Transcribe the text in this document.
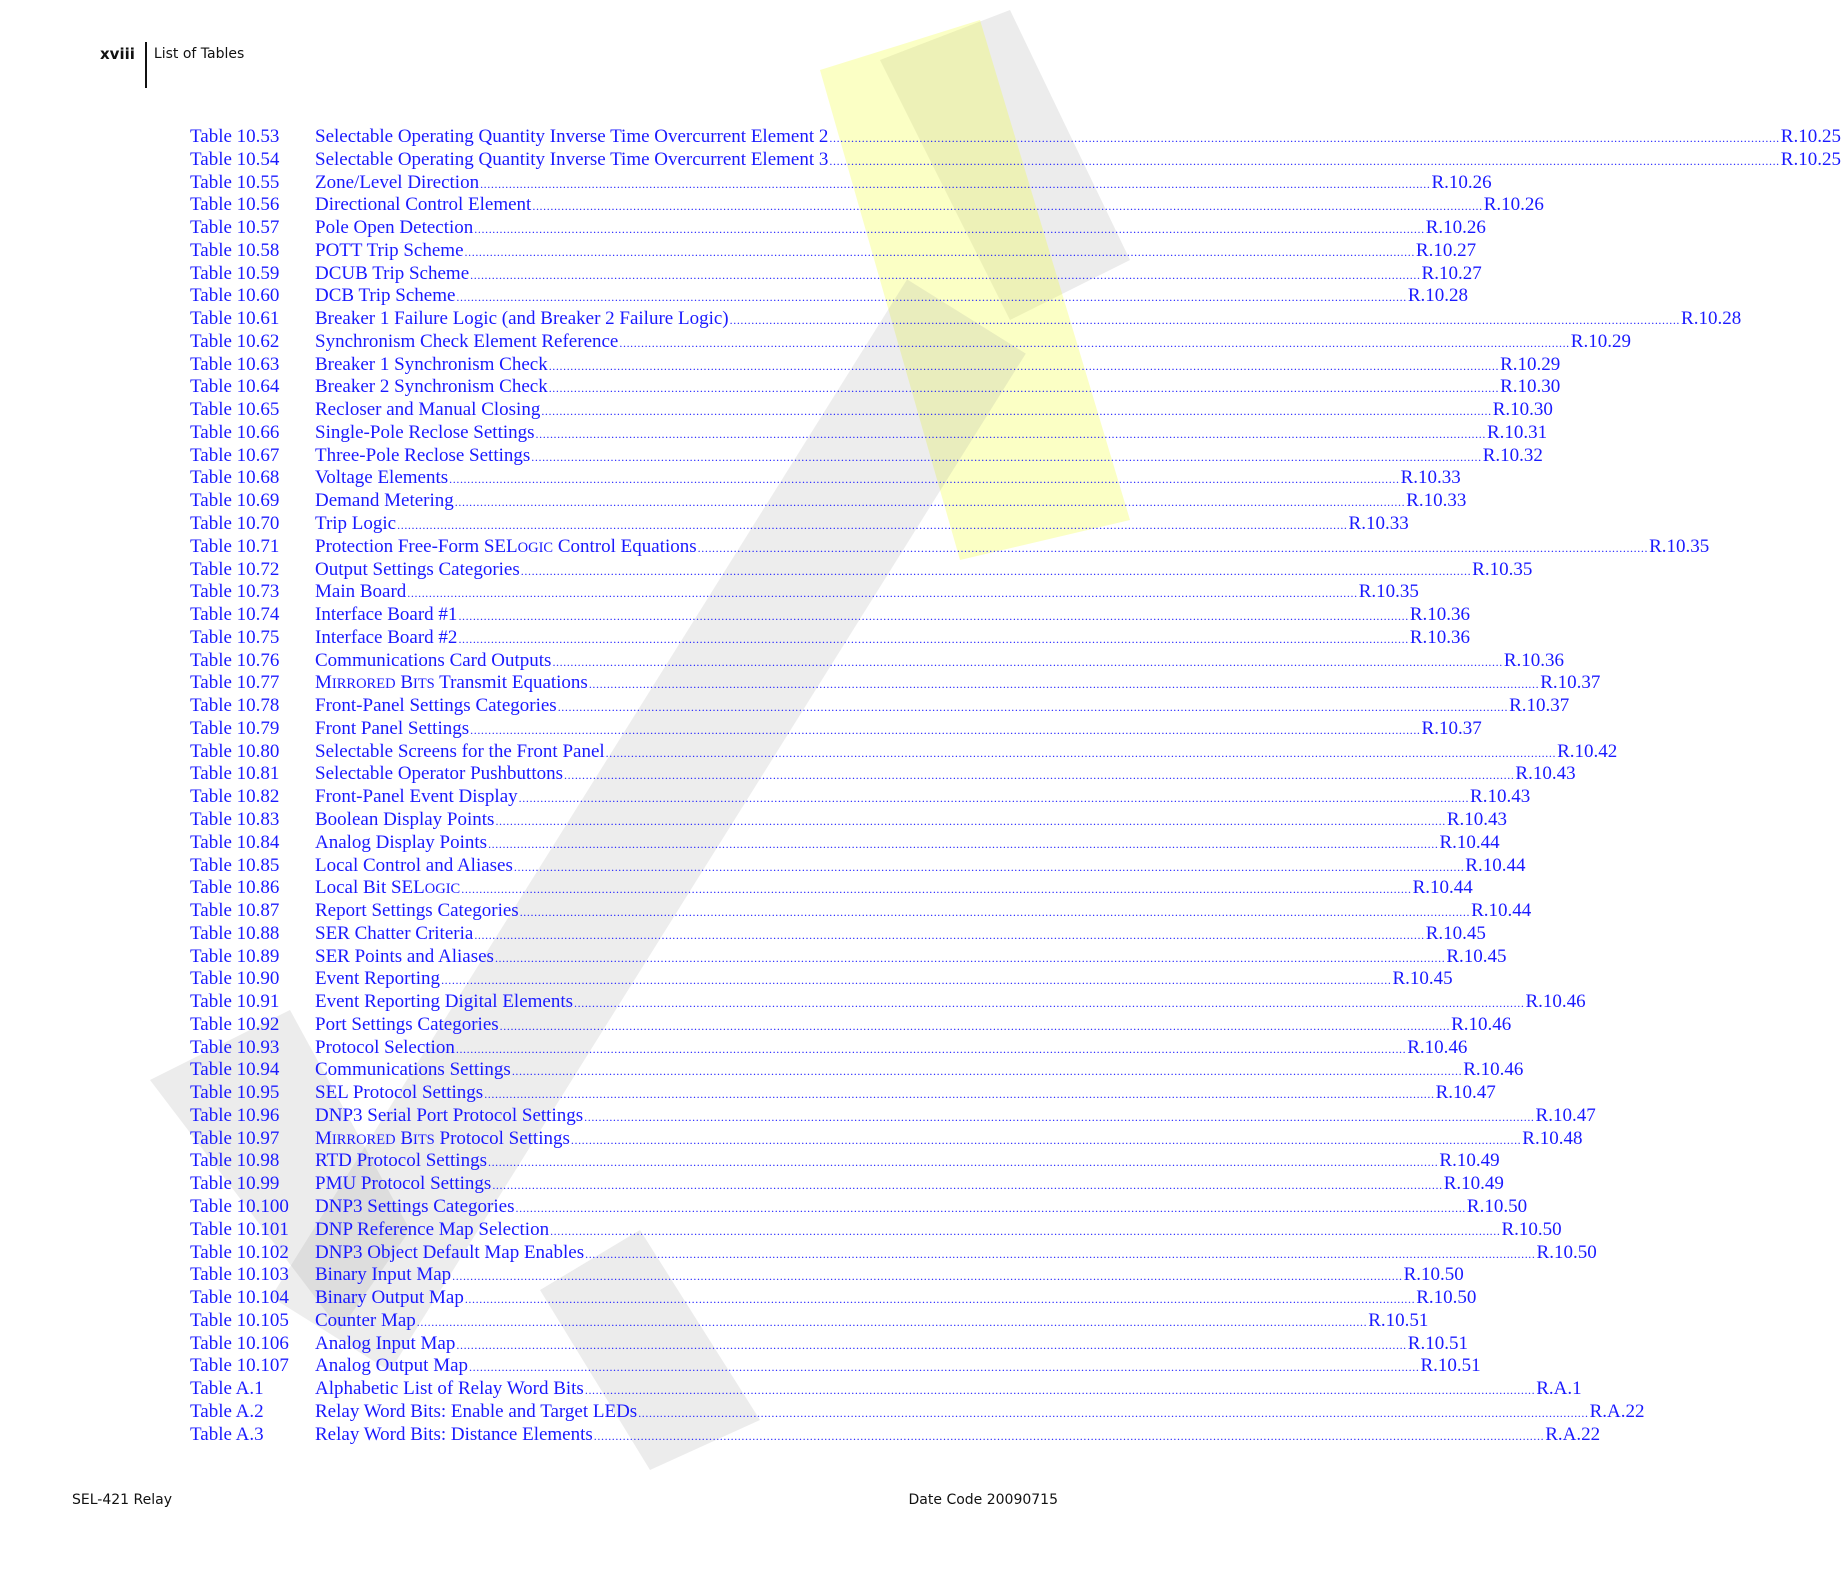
xviii List of Tables
Table 10.53	Selectable Operating Quantity Inverse Time Overcurrent Element 2 .....	R.10.25
Table 10.54	Selectable Operating Quantity Inverse Time Overcurrent Element 3 .....	R.10.25
Table 10.55	Zone/Level Direction .....	R.10.26
Table 10.56	Directional Control Element .....	R.10.26
Table 10.57	Pole Open Detection .....	R.10.26
Table 10.58	POTT Trip Scheme .....	R.10.27
Table 10.59	DCUB Trip Scheme .....	R.10.27
Table 10.60	DCB Trip Scheme .....	R.10.28
Table 10.61	Breaker 1 Failure Logic (and Breaker 2 Failure Logic) .....	R.10.28
Table 10.62	Synchronism Check Element Reference .....	R.10.29
Table 10.63	Breaker 1 Synchronism Check .....	R.10.29
Table 10.64	Breaker 2 Synchronism Check .....	R.10.30
Table 10.65	Recloser and Manual Closing .....	R.10.30
Table 10.66	Single-Pole Reclose Settings .....	R.10.31
Table 10.67	Three-Pole Reclose Settings .....	R.10.32
Table 10.68	Voltage Elements .....	R.10.33
Table 10.69	Demand Metering .....	R.10.33
Table 10.70	Trip Logic .....	R.10.33
Table 10.71	Protection Free-Form SELOGIC Control Equations .....	R.10.35
Table 10.72	Output Settings Categories .....	R.10.35
Table 10.73	Main Board .....	R.10.35
Table 10.74	Interface Board #1 .....	R.10.36
Table 10.75	Interface Board #2 .....	R.10.36
Table 10.76	Communications Card Outputs .....	R.10.36
Table 10.77	MIRRORED BITS Transmit Equations .....	R.10.37
Table 10.78	Front-Panel Settings Categories .....	R.10.37
Table 10.79	Front Panel Settings .....	R.10.37
Table 10.80	Selectable Screens for the Front Panel .....	R.10.42
Table 10.81	Selectable Operator Pushbuttons .....	R.10.43
Table 10.82	Front-Panel Event Display .....	R.10.43
Table 10.83	Boolean Display Points .....	R.10.43
Table 10.84	Analog Display Points .....	R.10.44
Table 10.85	Local Control and Aliases .....	R.10.44
Table 10.86	Local Bit SELOGIC .....	R.10.44
Table 10.87	Report Settings Categories .....	R.10.44
Table 10.88	SER Chatter Criteria .....	R.10.45
Table 10.89	SER Points and Aliases .....	R.10.45
Table 10.90	Event Reporting .....	R.10.45
Table 10.91	Event Reporting Digital Elements .....	R.10.46
Table 10.92	Port Settings Categories .....	R.10.46
Table 10.93	Protocol Selection .....	R.10.46
Table 10.94	Communications Settings .....	R.10.46
Table 10.95	SEL Protocol Settings .....	R.10.47
Table 10.96	DNP3 Serial Port Protocol Settings .....	R.10.47
Table 10.97	MIRRORED BITS Protocol Settings .....	R.10.48
Table 10.98	RTD Protocol Settings .....	R.10.49
Table 10.99	PMU Protocol Settings .....	R.10.49
Table 10.100	DNP3 Settings Categories .....	R.10.50
Table 10.101	DNP Reference Map Selection .....	R.10.50
Table 10.102	DNP3 Object Default Map Enables .....	R.10.50
Table 10.103	Binary Input Map .....	R.10.50
Table 10.104	Binary Output Map .....	R.10.50
Table 10.105	Counter Map .....	R.10.51
Table 10.106	Analog Input Map .....	R.10.51
Table 10.107	Analog Output Map .....	R.10.51
Table A.1	Alphabetic List of Relay Word Bits .....	R.A.1
Table A.2	Relay Word Bits: Enable and Target LEDs .....	R.A.22
Table A.3	Relay Word Bits: Distance Elements .....	R.A.22
SEL-421 Relay	Date Code 20090715
